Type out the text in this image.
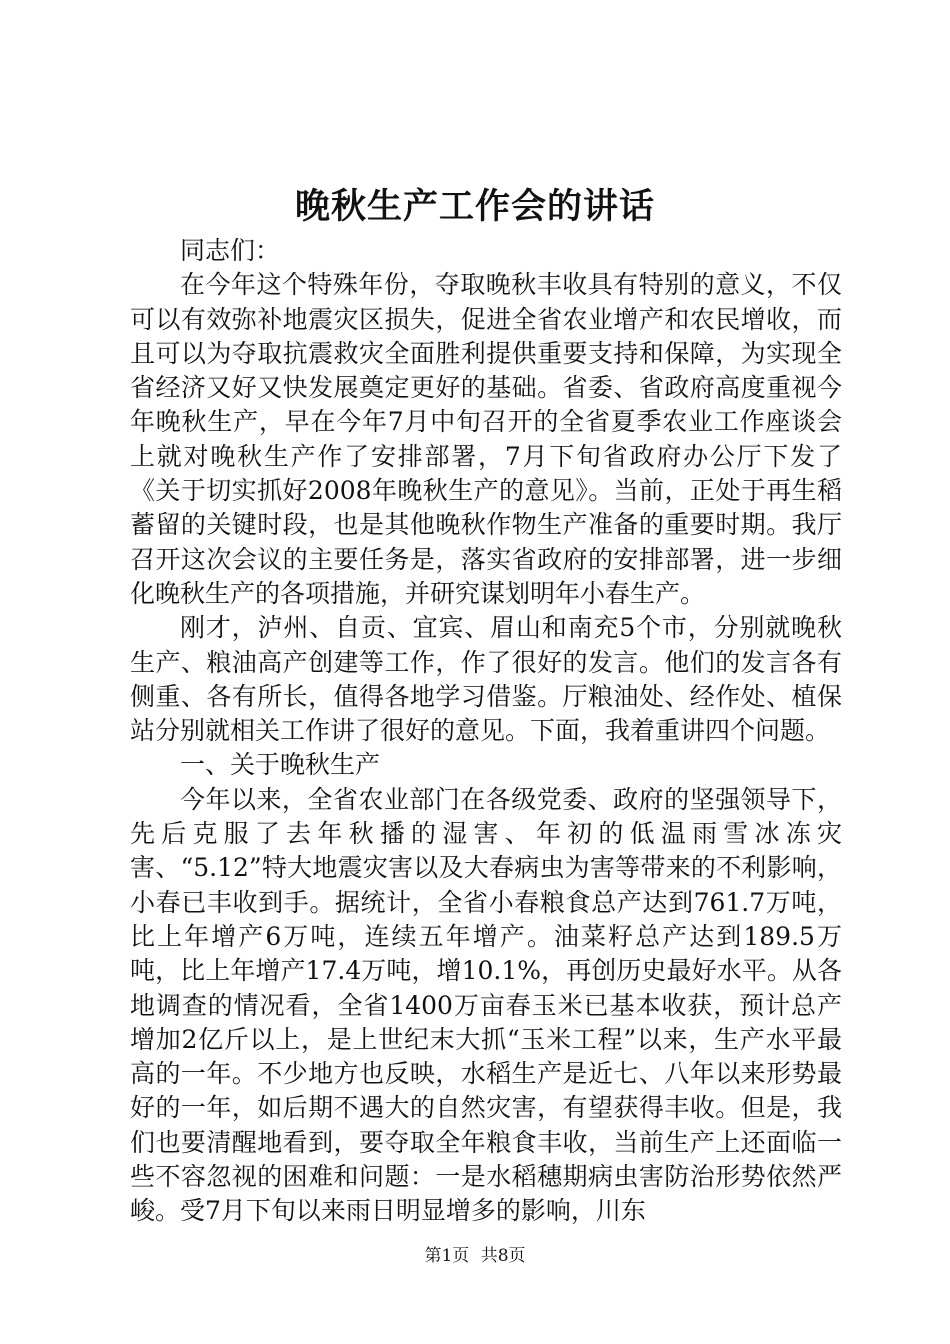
晚秋生产工作会的讲话

同志们：

在今年这个特殊年份，夺取晚秋丰收具有特别的意义，不仅可以有效弥补地震灾区损失，促进全省农业增产和农民增收，而且可以为夺取抗震救灾全面胜利提供重要支持和保障，为实现全省经济又好又快发展奠定更好的基础。省委、省政府高度重视今年晚秋生产，早在今年7月中旬召开的全省夏季农业工作座谈会上就对晚秋生产作了安排部署，7月下旬省政府办公厅下发了《关于切实抓好2008年晚秋生产的意见》。当前，正处于再生稻蓄留的关键时段，也是其他晚秋作物生产准备的重要时期。我厅召开这次会议的主要任务是，落实省政府的安排部署，进一步细化晚秋生产的各项措施，并研究谋划明年小春生产。

刚才，泸州、自贡、宜宾、眉山和南充5个市，分别就晚秋生产、粮油高产创建等工作，作了很好的发言。他们的发言各有侧重、各有所长，值得各地学习借鉴。厅粮油处、经作处、植保站分别就相关工作讲了很好的意见。下面，我着重讲四个问题。

一、关于晚秋生产

今年以来，全省农业部门在各级党委、政府的坚强领导下，先后克服了去年秋播的湿害、年初的低温雨雪冰冻灾害、“5.12”特大地震灾害以及大春病虫为害等带来的不利影响，小春已丰收到手。据统计，全省小春粮食总产达到761.7万吨，比上年增产6万吨，连续五年增产。油菜籽总产达到189.5万吨，比上年增产17.4万吨，增10.1%，再创历史最好水平。从各地调查的情况看，全省1400万亩春玉米已基本收获，预计总产增加2亿斤以上，是上世纪末大抓“玉米工程”以来，生产水平最高的一年。不少地方也反映，水稻生产是近七、八年以来形势最好的一年，如后期不遇大的自然灾害，有望获得丰收。但是，我们也要清醒地看到，要夺取全年粮食丰收，当前生产上还面临一些不容忽视的困难和问题：一是水稻穗期病虫害防治形势依然严峻。受7月下旬以来雨日明显增多的影响，川东

第1页 共8页
